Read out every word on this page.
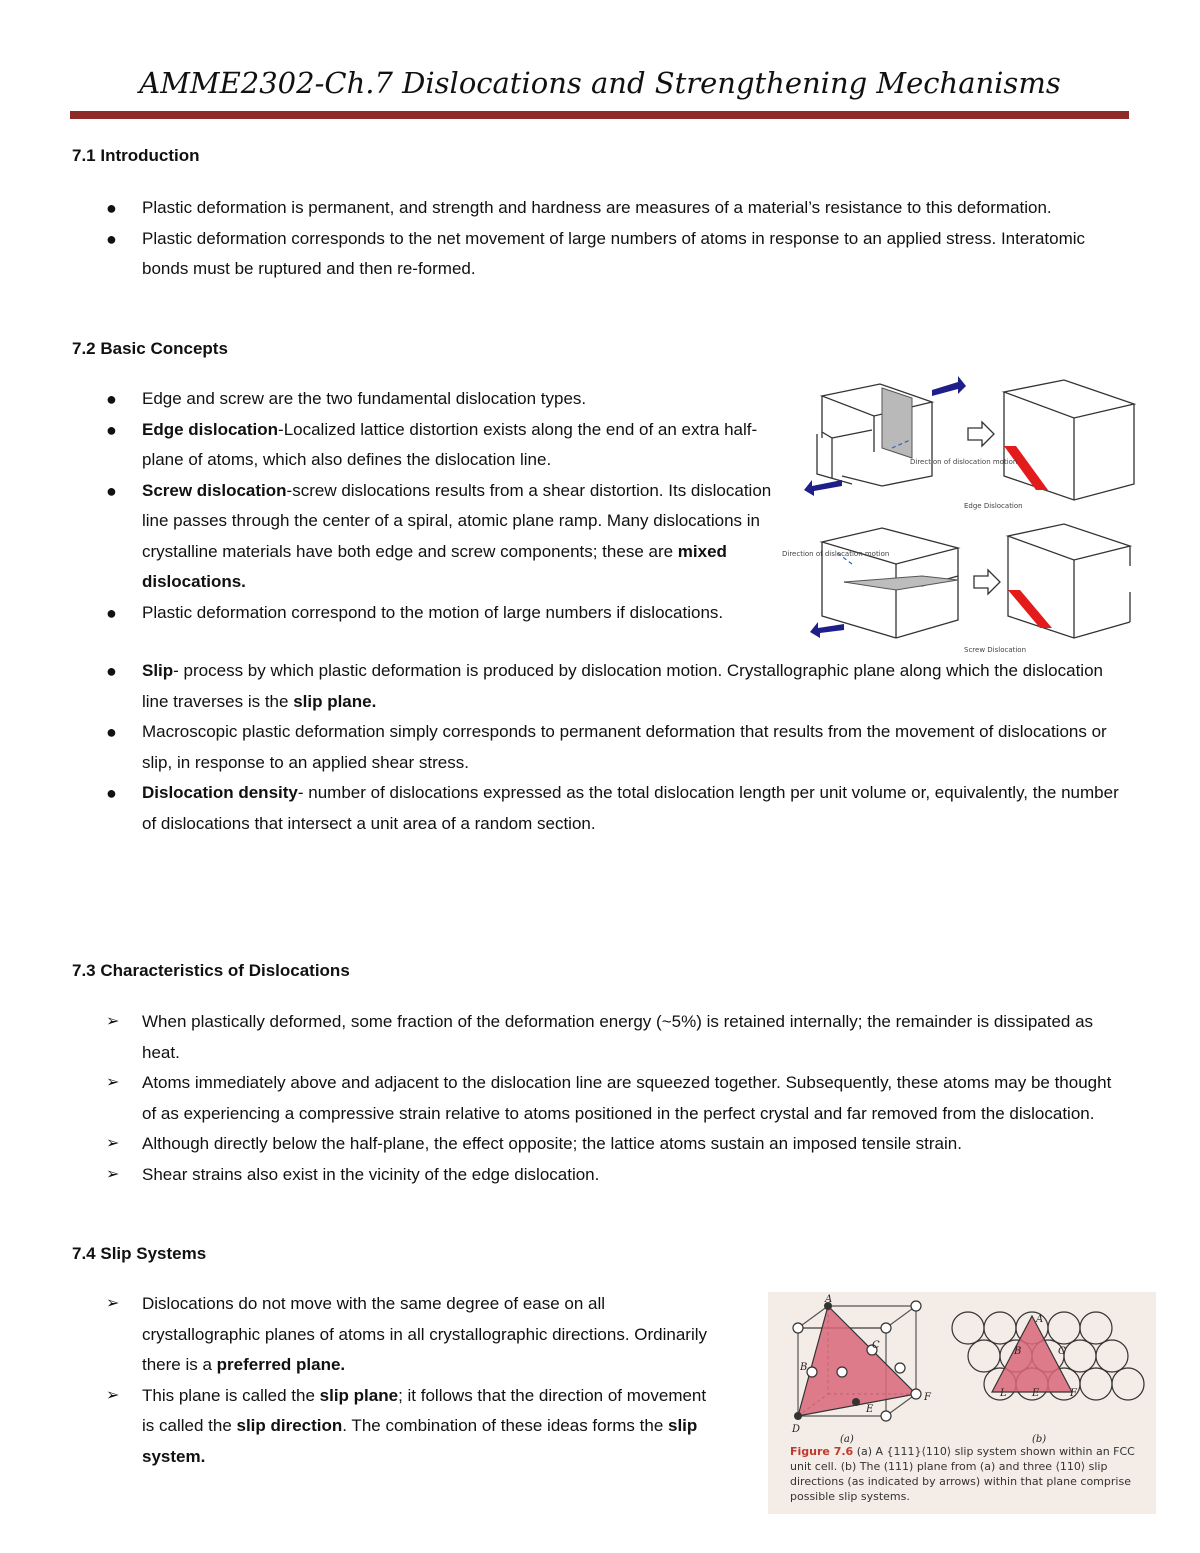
AMME2302-Ch.7 Dislocations and Strengthening Mechanisms
7.1 Introduction
● Plastic deformation is permanent, and strength and hardness are measures of a material’s resistance to this deformation.
● Plastic deformation corresponds to the net movement of large numbers of atoms in response to an applied stress. Interatomic bonds must be ruptured and then re-formed.
7.2 Basic Concepts
● Edge and screw are the two fundamental dislocation types.
● Edge dislocation-Localized lattice distortion exists along the end of an extra half-plane of atoms, which also defines the dislocation line.
● Screw dislocation-screw dislocations results from a shear distortion. Its dislocation line passes through the center of a spiral, atomic plane ramp. Many dislocations in crystalline materials have both edge and screw components; these are mixed dislocations.
● Plastic deformation correspond to the motion of large numbers if dislocations.
● Slip- process by which plastic deformation is produced by dislocation motion. Crystallographic plane along which the dislocation line traverses is the slip plane.
● Macroscopic plastic deformation simply corresponds to permanent deformation that results from the movement of dislocations or slip, in response to an applied shear stress.
● Dislocation density- number of dislocations expressed as the total dislocation length per unit volume or, equivalently, the number of dislocations that intersect a unit area of a random section.
Direction of dislocation motion
Edge Dislocation
Direction of dislocation motion
Screw Dislocation
7.3 Characteristics of Dislocations
➢ When plastically deformed, some fraction of the deformation energy (~5%) is retained internally; the remainder is dissipated as heat.
➢ Atoms immediately above and adjacent to the dislocation line are squeezed together. Subsequently, these atoms may be thought of as experiencing a compressive strain relative to atoms positioned in the perfect crystal and far removed from the dislocation.
➢ Although directly below the half-plane, the effect opposite; the lattice atoms sustain an imposed tensile strain.
➢ Shear strains also exist in the vicinity of the edge dislocation.
7.4 Slip Systems
➢ Dislocations do not move with the same degree of ease on all crystallographic planes of atoms in all crystallographic directions. Ordinarily there is a preferred plane.
➢ This plane is called the slip plane; it follows that the direction of movement is called the slip direction. The combination of these ideas forms the slip system.
A
B
C
D
E
F
A
B	C
L	E	F
(a)	(b)
Figure 7.6 (a) A {111}⟨110⟩ slip system shown within an FCC unit cell. (b) The (111) plane from (a) and three ⟨110⟩ slip directions (as indicated by arrows) within that plane comprise possible slip systems.
